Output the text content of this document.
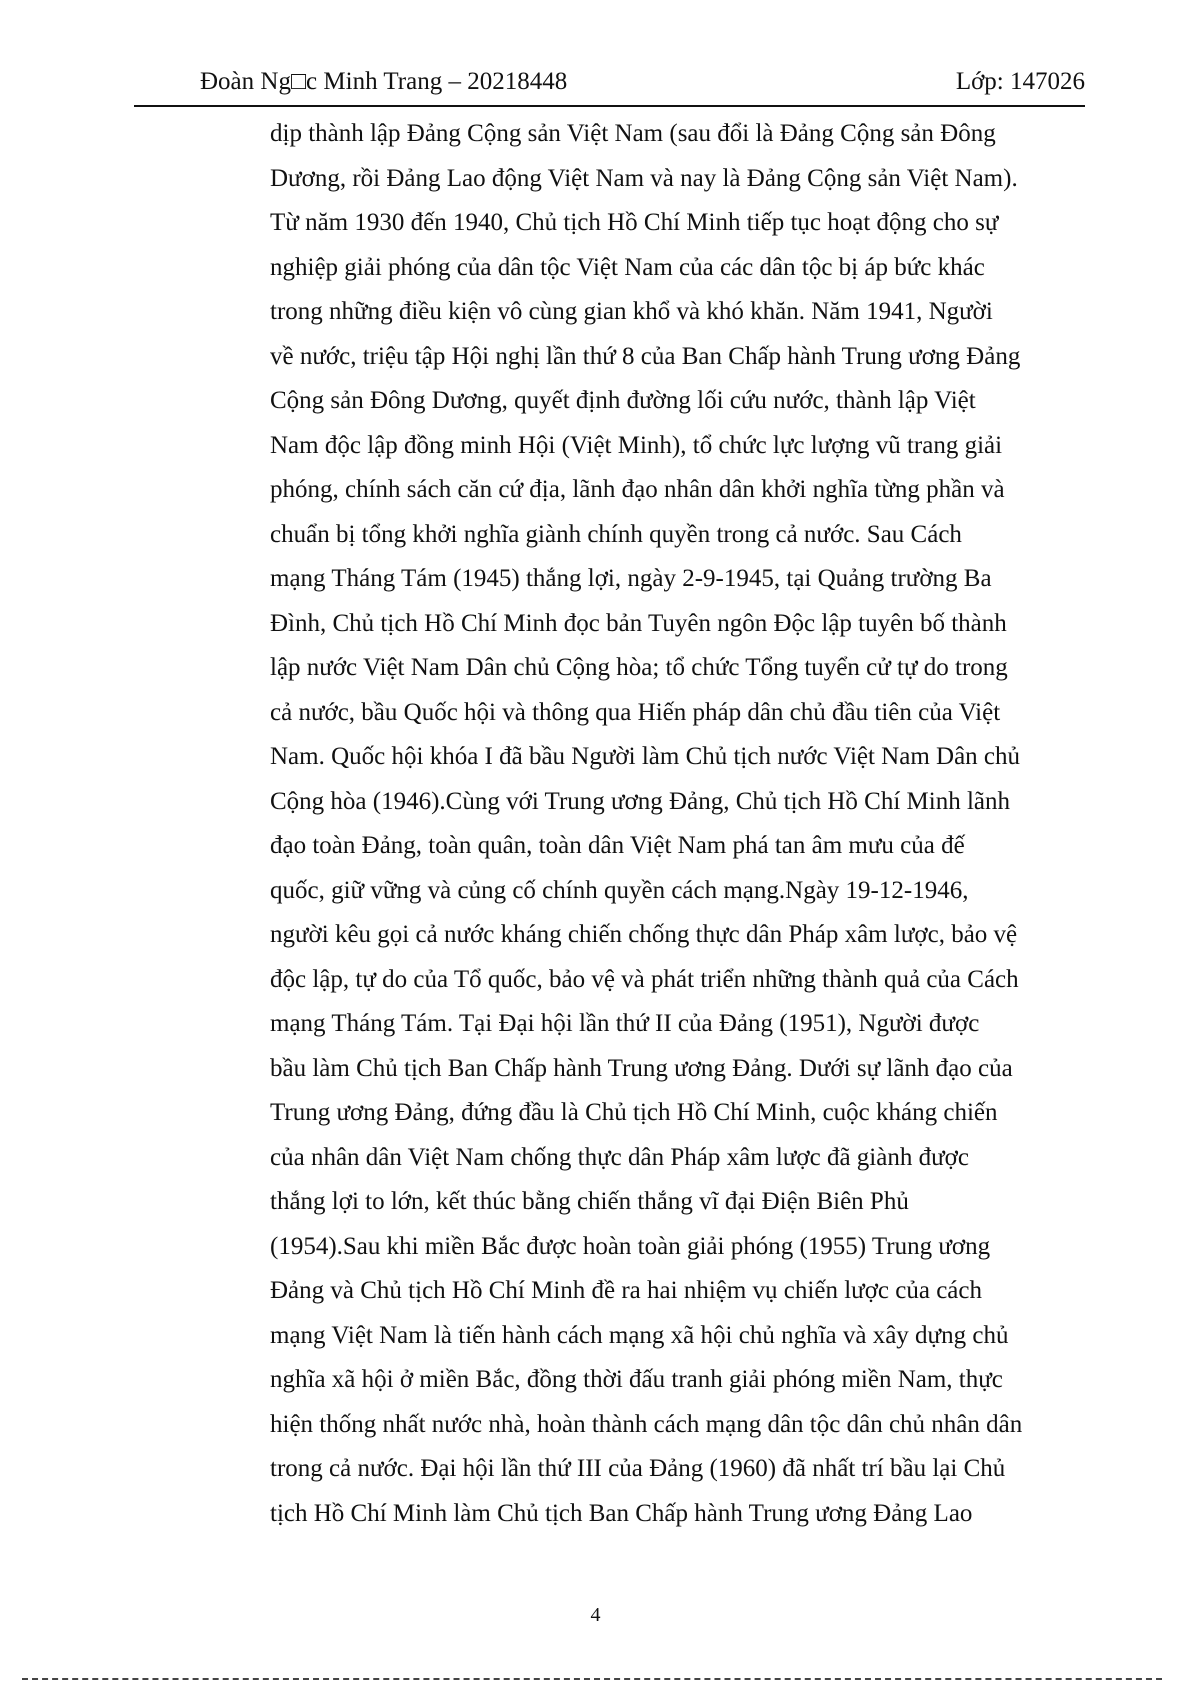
Đoàn Ng□c Minh Trang – 20218448	Lớp: 147026
dịp thành lập Đảng Cộng sản Việt Nam (sau đổi là Đảng Cộng sản Đông
Dương, rồi Đảng Lao động Việt Nam và nay là Đảng Cộng sản Việt Nam).
Từ năm 1930 đến 1940, Chủ tịch Hồ Chí Minh tiếp tục hoạt động cho sự
nghiệp giải phóng của dân tộc Việt Nam của các dân tộc bị áp bức khác
trong những điều kiện vô cùng gian khổ và khó khăn. Năm 1941, Người
về nước, triệu tập Hội nghị lần thứ 8 của Ban Chấp hành Trung ương Đảng
Cộng sản Đông Dương, quyết định đường lối cứu nước, thành lập Việt
Nam độc lập đồng minh Hội (Việt Minh), tổ chức lực lượng vũ trang giải
phóng, chính sách căn cứ địa, lãnh đạo nhân dân khởi nghĩa từng phần và
chuẩn bị tổng khởi nghĩa giành chính quyền trong cả nước. Sau Cách
mạng Tháng Tám (1945) thắng lợi, ngày 2-9-1945, tại Quảng trường Ba
Đình, Chủ tịch Hồ Chí Minh đọc bản Tuyên ngôn Độc lập tuyên bố thành
lập nước Việt Nam Dân chủ Cộng hòa; tổ chức Tổng tuyển cử tự do trong
cả nước, bầu Quốc hội và thông qua Hiến pháp dân chủ đầu tiên của Việt
Nam. Quốc hội khóa I đã bầu Người làm Chủ tịch nước Việt Nam Dân chủ
Cộng hòa (1946).Cùng với Trung ương Đảng, Chủ tịch Hồ Chí Minh lãnh
đạo toàn Đảng, toàn quân, toàn dân Việt Nam phá tan âm mưu của đế
quốc, giữ vững và củng cố chính quyền cách mạng.Ngày 19-12-1946,
người kêu gọi cả nước kháng chiến chống thực dân Pháp xâm lược, bảo vệ
độc lập, tự do của Tổ quốc, bảo vệ và phát triển những thành quả của Cách
mạng Tháng Tám. Tại Đại hội lần thứ II của Đảng (1951), Người được
bầu làm Chủ tịch Ban Chấp hành Trung ương Đảng. Dưới sự lãnh đạo của
Trung ương Đảng, đứng đầu là Chủ tịch Hồ Chí Minh, cuộc kháng chiến
của nhân dân Việt Nam chống thực dân Pháp xâm lược đã giành được
thắng lợi to lớn, kết thúc bằng chiến thắng vĩ đại Điện Biên Phủ
(1954).Sau khi miền Bắc được hoàn toàn giải phóng (1955) Trung ương
Đảng và Chủ tịch Hồ Chí Minh đề ra hai nhiệm vụ chiến lược của cách
mạng Việt Nam là tiến hành cách mạng xã hội chủ nghĩa và xây dựng chủ
nghĩa xã hội ở miền Bắc, đồng thời đấu tranh giải phóng miền Nam, thực
hiện thống nhất nước nhà, hoàn thành cách mạng dân tộc dân chủ nhân dân
trong cả nước. Đại hội lần thứ III của Đảng (1960) đã nhất trí bầu lại Chủ
tịch Hồ Chí Minh làm Chủ tịch Ban Chấp hành Trung ương Đảng Lao
4
